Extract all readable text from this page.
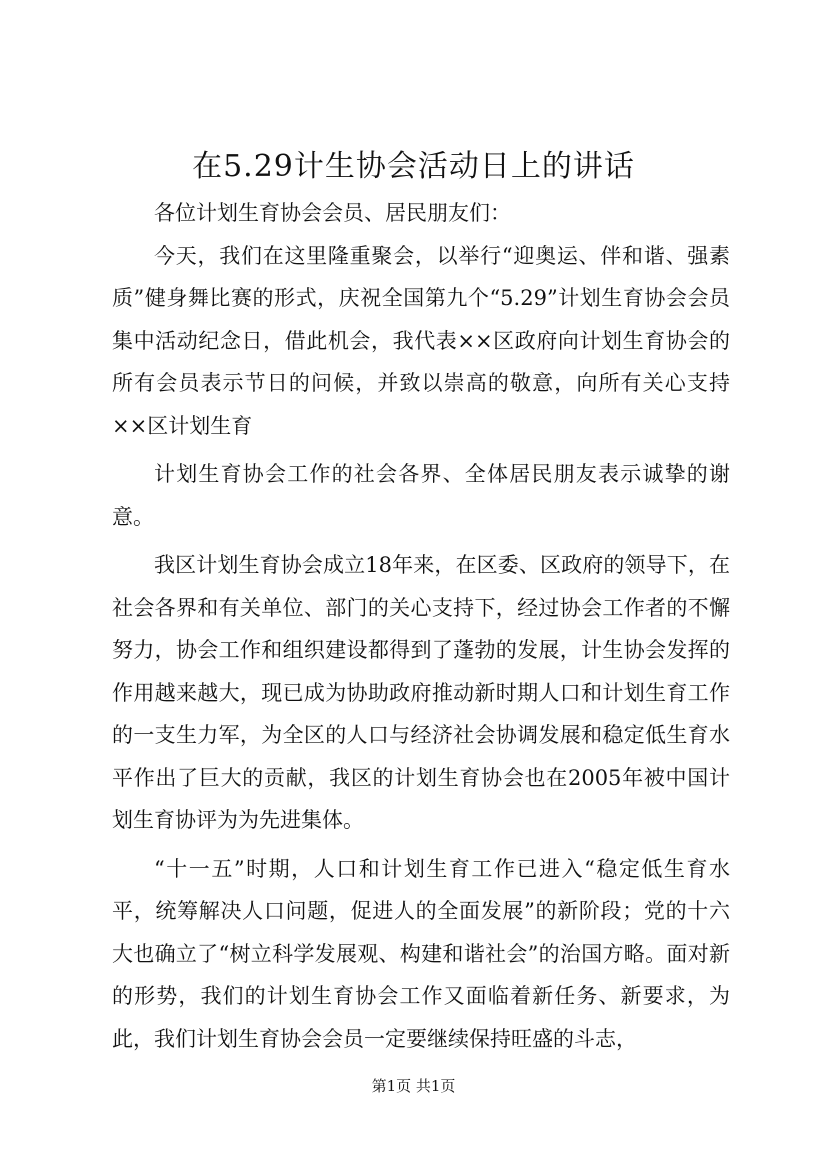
在5.29计生协会活动日上的讲话

各位计划生育协会会员、居民朋友们：

今天，我们在这里隆重聚会，以举行“迎奥运、伴和谐、强素质”健身舞比赛的形式，庆祝全国第九个“5.29”计划生育协会会员集中活动纪念日，借此机会，我代表××区政府向计划生育协会的所有会员表示节日的问候，并致以崇高的敬意，向所有关心支持××区计划生育

计划生育协会工作的社会各界、全体居民朋友表示诚挚的谢意。

我区计划生育协会成立18年来，在区委、区政府的领导下，在社会各界和有关单位、部门的关心支持下，经过协会工作者的不懈努力，协会工作和组织建设都得到了蓬勃的发展，计生协会发挥的作用越来越大，现已成为协助政府推动新时期人口和计划生育工作的一支生力军，为全区的人口与经济社会协调发展和稳定低生育水平作出了巨大的贡献，我区的计划生育协会也在2005年被中国计划生育协评为为先进集体。

“十一五”时期，人口和计划生育工作已进入“稳定低生育水平，统筹解决人口问题，促进人的全面发展”的新阶段；党的十六大也确立了“树立科学发展观、构建和谐社会”的治国方略。面对新的形势，我们的计划生育协会工作又面临着新任务、新要求，为此，我们计划生育协会会员一定要继续保持旺盛的斗志，

第1页 共1页
